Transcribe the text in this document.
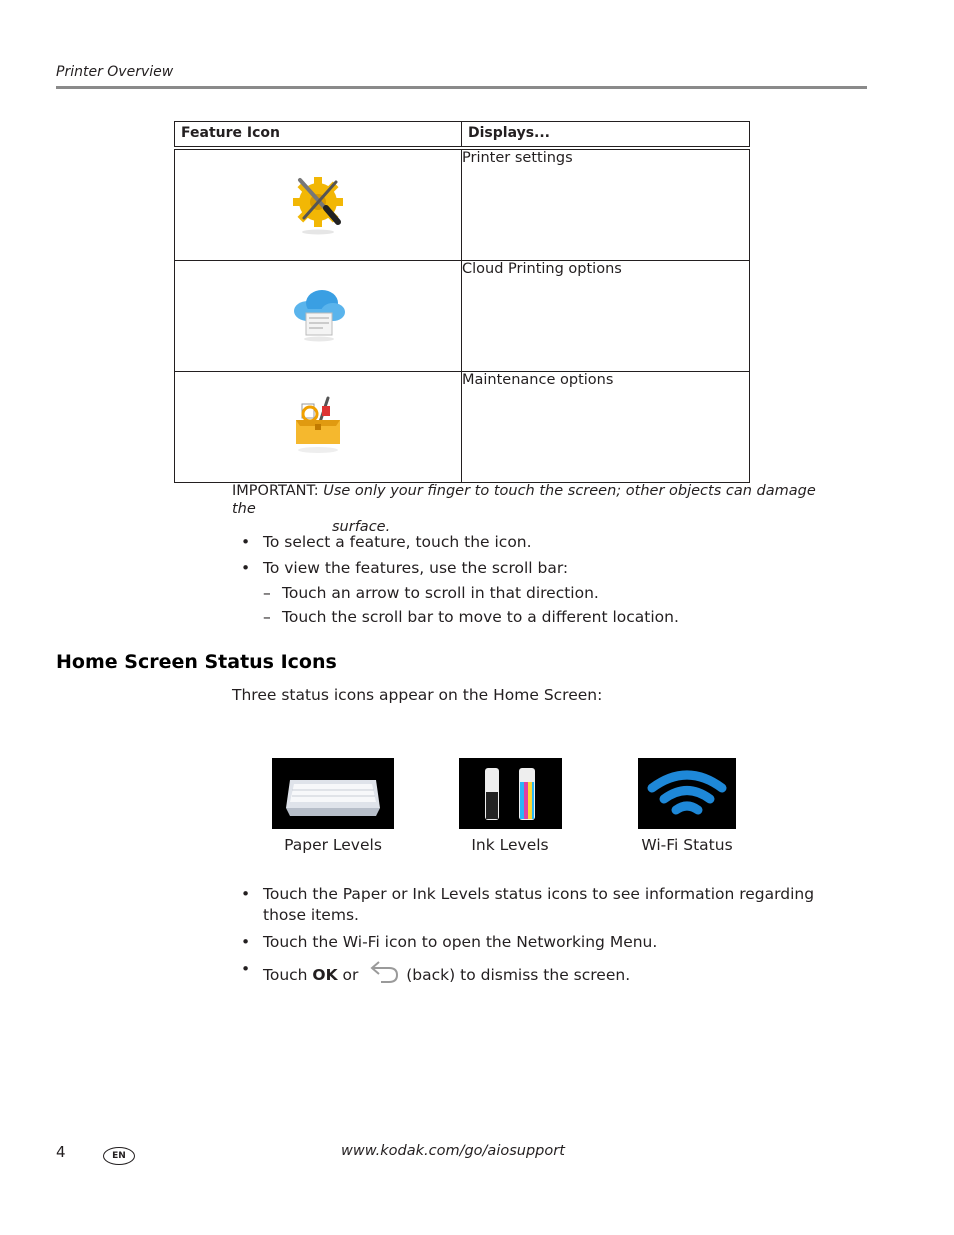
Printer Overview
Feature Icon	Displays...
	Printer settings
	Cloud Printing options
	Maintenance options
IMPORTANT: Use only your finger to touch the screen; other objects can damage the
surface.
• To select a feature, touch the icon.
• To view the features, use the scroll bar:
– Touch an arrow to scroll in that direction.
– Touch the scroll bar to move to a different location.
Home Screen Status Icons
Three status icons appear on the Home Screen:
Paper Levels	Ink Levels	Wi-Fi Status
• Touch the Paper or Ink Levels status icons to see information regarding those items.
• Touch the Wi-Fi icon to open the Networking Menu.
• Touch OK or  (back) to dismiss the screen.
4	EN	www.kodak.com/go/aiosupport
